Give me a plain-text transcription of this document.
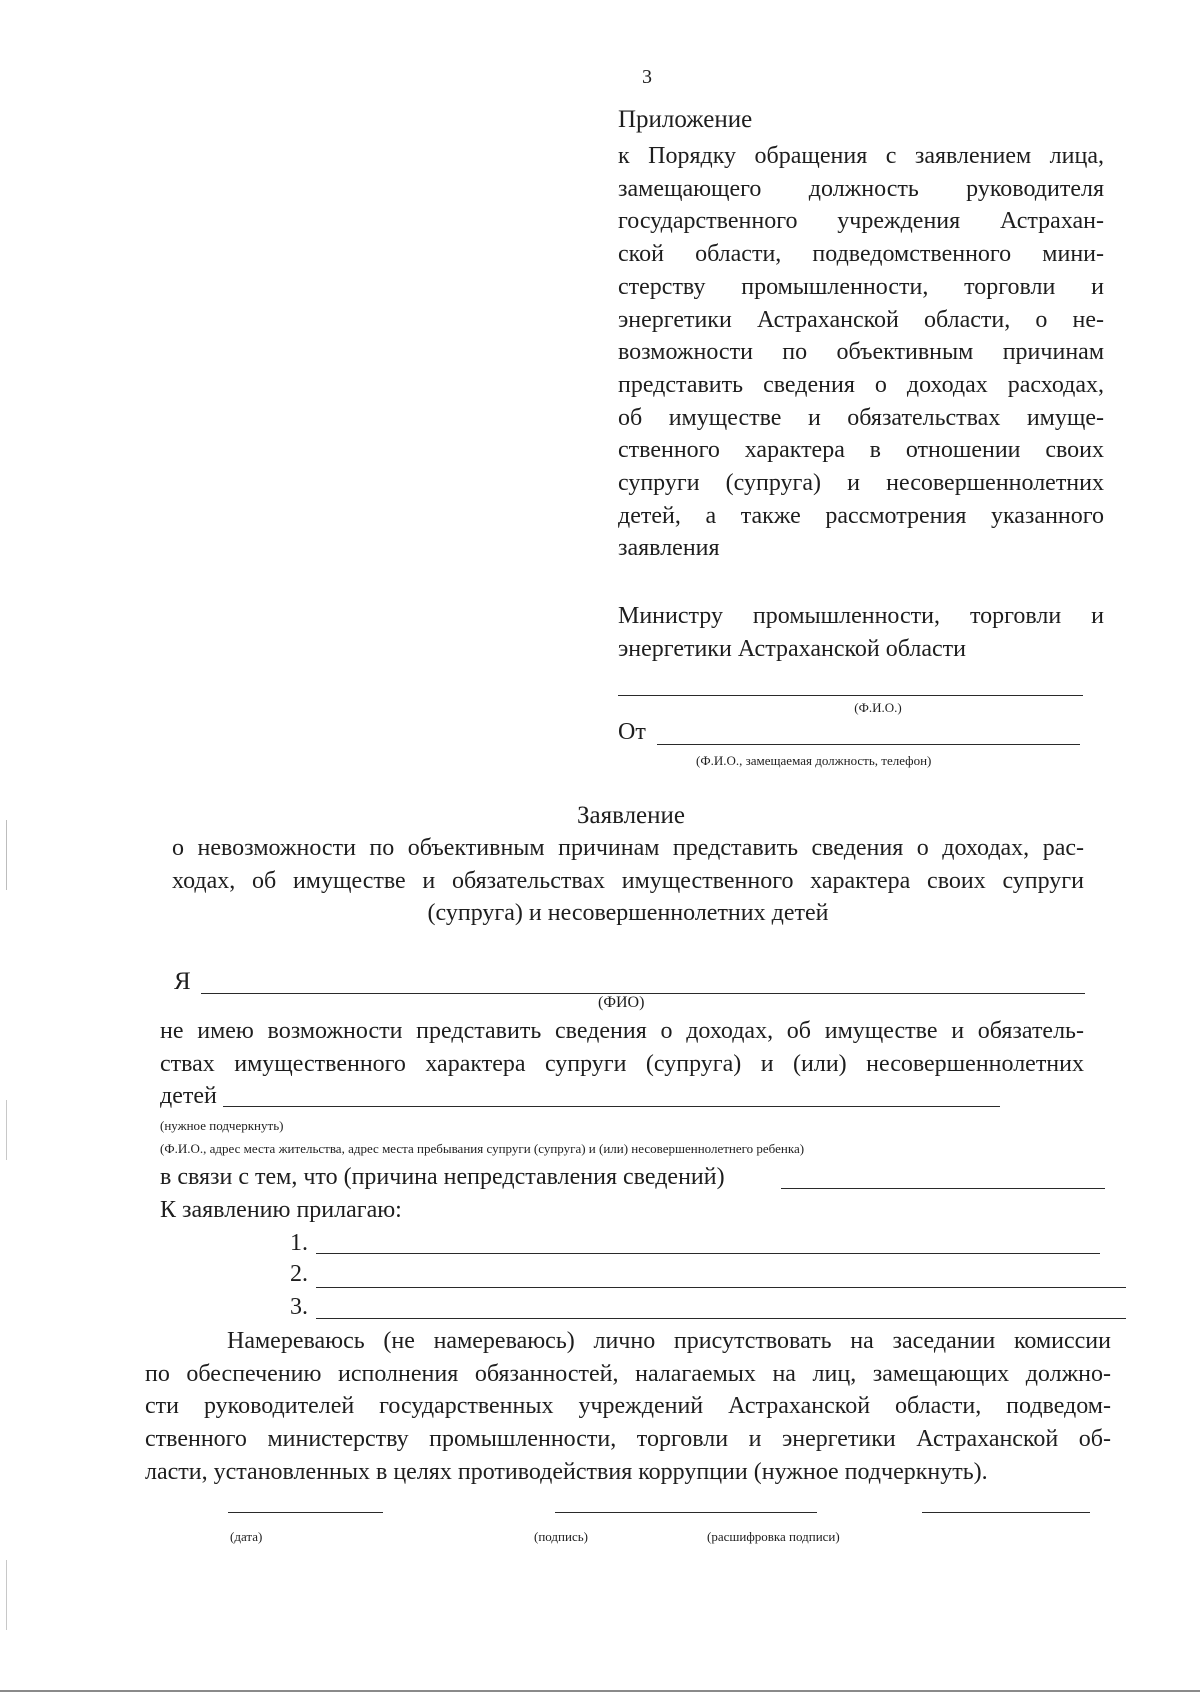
3
Приложение
к Порядку обращения с заявлением лица,
замещающего должность руководителя
государственного учреждения Астрахан-
ской области, подведомственного мини-
стерству промышленности, торговли и
энергетики Астраханской области, о не-
возможности по объективным причинам
представить сведения о доходах расходах,
об имуществе и обязательствах имуще-
ственного характера в отношении своих
супруги (супруга) и несовершеннолетних
детей, а также рассмотрения указанного
заявления
Министру промышленности, торговли и
энергетики Астраханской области
(Ф.И.О.)
От
(Ф.И.О., замещаемая должность, телефон)
Заявление
о невозможности по объективным причинам представить сведения о доходах, рас-
ходах, об имуществе и обязательствах имущественного характера своих супруги
(супруга) и несовершеннолетних детей
Я
(ФИО)
не имею возможности представить сведения о доходах, об имуществе и обязатель-
ствах имущественного характера супруги (супруга) и (или) несовершеннолетних
детей
(нужное подчеркнуть)
(Ф.И.О., адрес места жительства, адрес места пребывания супруги (супруга) и (или) несовершеннолетнего ребенка)
в связи с тем, что (причина непредставления сведений)
К заявлению прилагаю:
1.
2.
3.
Намереваюсь (не намереваюсь) лично присутствовать на заседании комиссии
по обеспечению исполнения обязанностей, налагаемых на лиц, замещающих должно-
сти руководителей государственных учреждений Астраханской области, подведом-
ственного министерству промышленности, торговли и энергетики Астраханской об-
ласти, установленных в целях противодействия коррупции (нужное подчеркнуть).
(дата)	(подпись)	(расшифровка подписи)
